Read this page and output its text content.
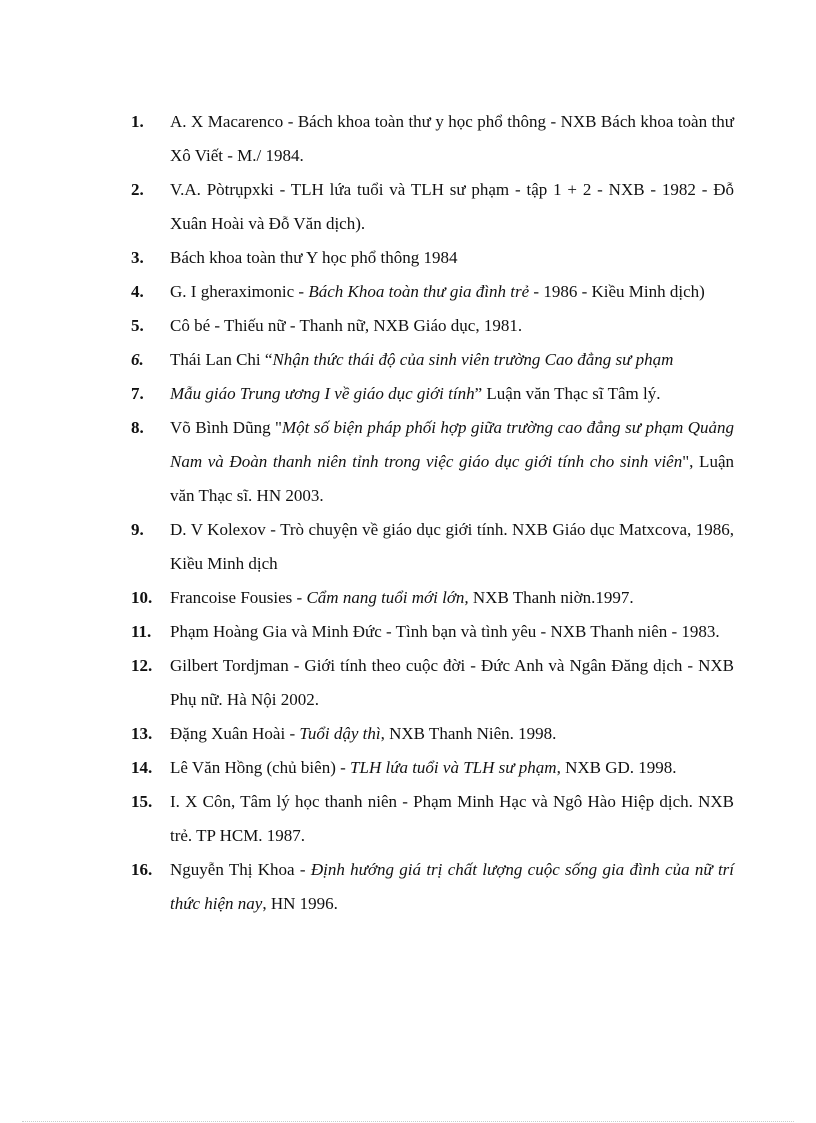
1. A. X Macarenco - Bách khoa toàn thư y học phổ thông - NXB Bách khoa toàn thư Xô Viết - M./ 1984.
2. V.A. Pòtrụpxki - TLH lứa tuổi và TLH sư phạm - tập 1 + 2 - NXB - 1982 - Đỗ Xuân Hoài và Đỗ Văn dịch).
3. Bách khoa toàn thư Y học phổ thông 1984
4. G. I gheraximonic - Bách Khoa toàn thư gia đình trẻ - 1986 - Kiều Minh dịch)
5. Cô bé - Thiếu nữ - Thanh nữ, NXB Giáo dục, 1981.
6. Thái Lan Chi “Nhận thức thái độ của sinh viên trường Cao đẳng sư phạm
7. Mẫu giáo Trung ương I về giáo dục giới tính” Luận văn Thạc sĩ Tâm lý.
8. Võ Bình Dũng "Một số biện pháp phối hợp giữa trường cao đẳng sư phạm Quảng Nam và Đoàn thanh niên tỉnh trong việc giáo dục giới tính cho sinh viên", Luận văn Thạc sĩ. HN 2003.
9. D. V Kolexov - Trò chuyện về giáo dục giới tính. NXB Giáo dục Matxcova, 1986, Kiều Minh dịch
10. Francoise Fousies - Cẩm nang tuổi mới lớn, NXB Thanh niờn.1997.
11. Phạm Hoàng Gia và Minh Đức - Tình bạn và tình yêu - NXB Thanh niên - 1983.
12. Gilbert Tordjman - Giới tính theo cuộc đời - Đức Anh và Ngân Đăng dịch - NXB Phụ nữ. Hà Nội 2002.
13. Đặng Xuân Hoài - Tuổi dậy thì, NXB Thanh Niên. 1998.
14. Lê Văn Hồng (chủ biên) - TLH lứa tuổi và TLH sư phạm, NXB GD. 1998.
15. I. X Côn, Tâm lý học thanh niên - Phạm Minh Hạc và Ngô Hào Hiệp dịch. NXB trẻ. TP HCM. 1987.
16. Nguyễn Thị Khoa - Định hướng giá trị chất lượng cuộc sống gia đình của nữ trí thức hiện nay, HN 1996.
